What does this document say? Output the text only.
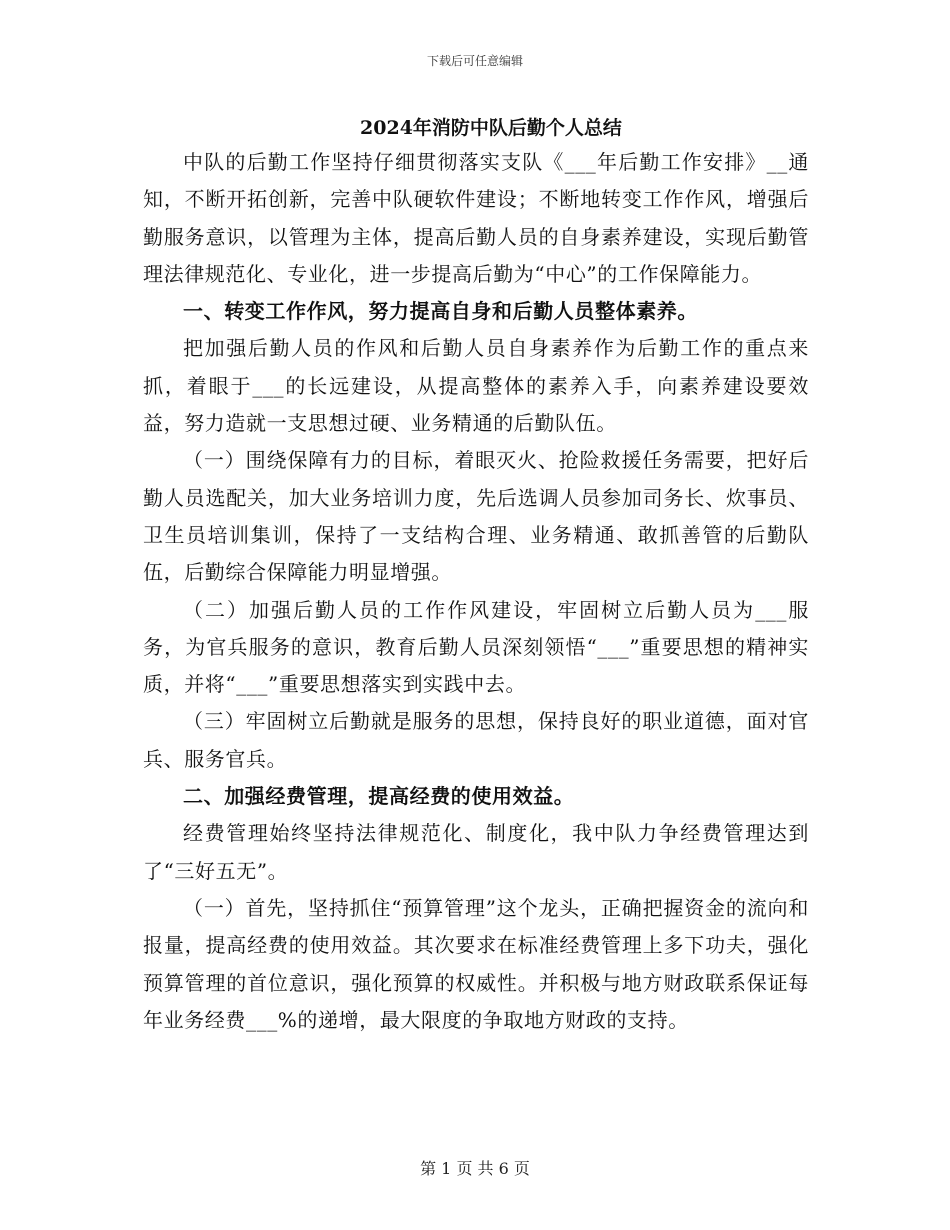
下载后可任意编辑
2024年消防中队后勤个人总结

中队的后勤工作坚持仔细贯彻落实支队《___年后勤工作安排》__通知，不断开拓创新，完善中队硬软件建设；不断地转变工作作风，增强后勤服务意识，以管理为主体，提高后勤人员的自身素养建设，实现后勤管理法律规范化、专业化，进一步提高后勤为“中心”的工作保障能力。

一、转变工作作风，努力提高自身和后勤人员整体素养。

把加强后勤人员的作风和后勤人员自身素养作为后勤工作的重点来抓，着眼于___的长远建设，从提高整体的素养入手，向素养建设要效益，努力造就一支思想过硬、业务精通的后勤队伍。

（一）围绕保障有力的目标，着眼灭火、抢险救援任务需要，把好后勤人员选配关，加大业务培训力度，先后选调人员参加司务长、炊事员、卫生员培训集训，保持了一支结构合理、业务精通、敢抓善管的后勤队伍，后勤综合保障能力明显增强。

（二）加强后勤人员的工作作风建设，牢固树立后勤人员为___服务，为官兵服务的意识，教育后勤人员深刻领悟“___”重要思想的精神实质，并将“___”重要思想落实到实践中去。

（三）牢固树立后勤就是服务的思想，保持良好的职业道德，面对官兵、服务官兵。

二、加强经费管理，提高经费的使用效益。

经费管理始终坚持法律规范化、制度化，我中队力争经费管理达到了“三好五无”。

（一）首先，坚持抓住“预算管理”这个龙头，正确把握资金的流向和报量，提高经费的使用效益。其次要求在标准经费管理上多下功夫，强化预算管理的首位意识，强化预算的权威性。并积极与地方财政联系保证每年业务经费___%的递增，最大限度的争取地方财政的支持。

第 1 页 共 6 页
